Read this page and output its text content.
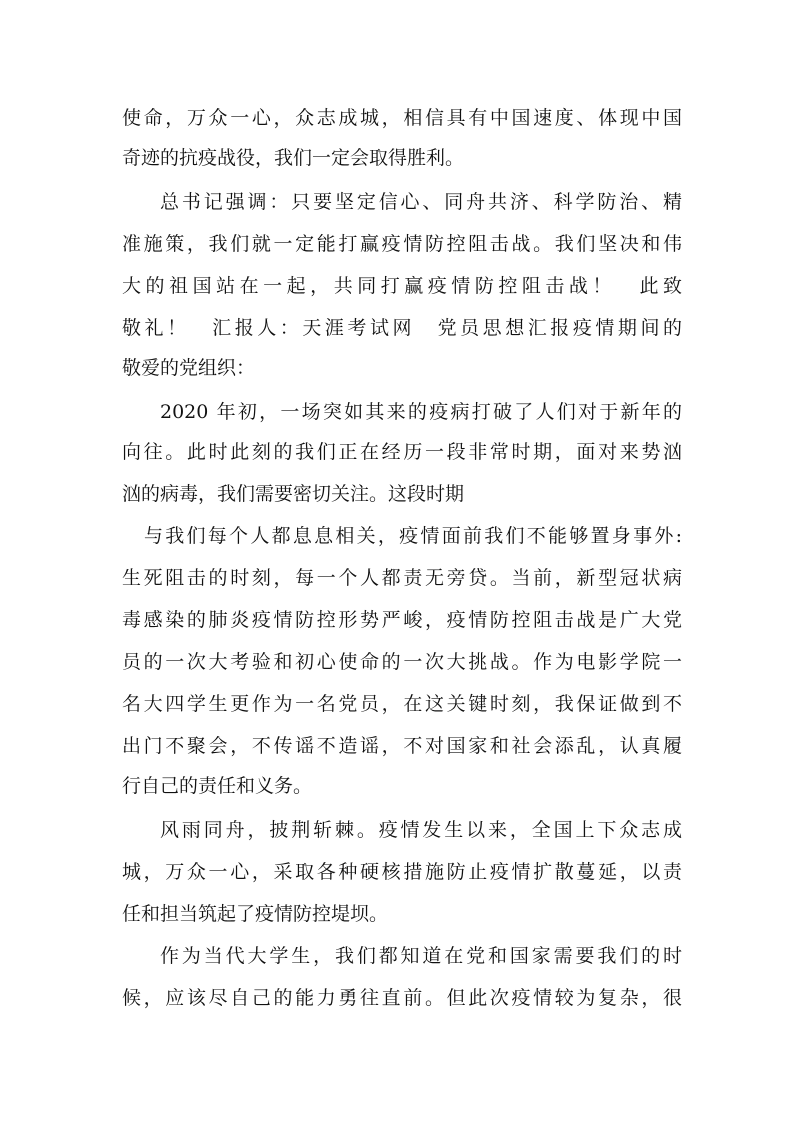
使命，万众一心，众志成城，相信具有中国速度、体现中国
奇迹的抗疫战役，我们一定会取得胜利。
总书记强调：只要坚定信心、同舟共济、科学防治、精
准施策，我们就一定能打赢疫情防控阻击战。我们坚决和伟
大的祖国站在一起，共同打赢疫情防控阻击战！　此致
敬礼！　汇报人：天涯考试网　党员思想汇报疫情期间的
敬爱的党组织：
2020 年初，一场突如其来的疫病打破了人们对于新年的
向往。此时此刻的我们正在经历一段非常时期，面对来势汹
汹的病毒，我们需要密切关注。这段时期
与我们每个人都息息相关，疫情面前我们不能够置身事外:
生死阻击的时刻，每一个人都责无旁贷。当前，新型冠状病
毒感染的肺炎疫情防控形势严峻，疫情防控阻击战是广大党
员的一次大考验和初心使命的一次大挑战。作为电影学院一
名大四学生更作为一名党员，在这关键时刻，我保证做到不
出门不聚会，不传谣不造谣，不对国家和社会添乱，认真履
行自己的责任和义务。
风雨同舟，披荆斩棘。疫情发生以来，全国上下众志成
城，万众一心，采取各种硬核措施防止疫情扩散蔓延，以责
任和担当筑起了疫情防控堤坝。
作为当代大学生，我们都知道在党和国家需要我们的时
候，应该尽自己的能力勇往直前。但此次疫情较为复杂，很
